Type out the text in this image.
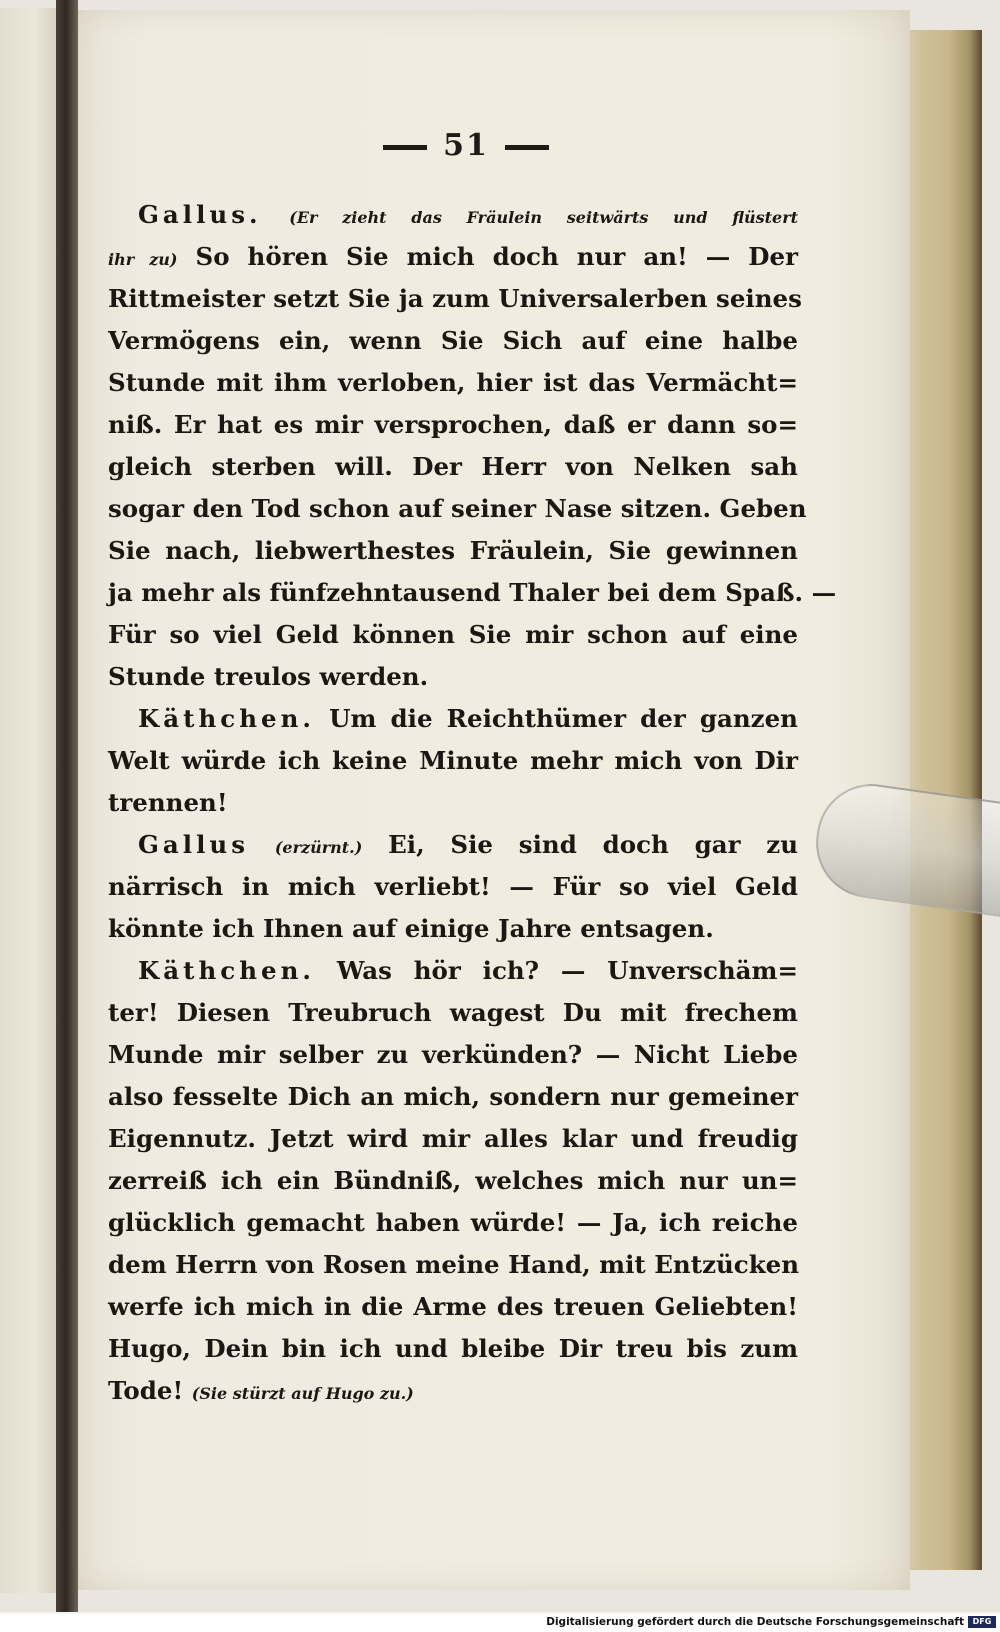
51
Gallus. (Er zieht das Fräulein seitwärts und flüstert
ihr zu) So hören Sie mich doch nur an! — Der
Rittmeister setzt Sie ja zum Universalerben seines
Vermögens ein, wenn Sie Sich auf eine halbe
Stunde mit ihm verloben, hier ist das Vermächt=
niß. Er hat es mir versprochen, daß er dann so=
gleich sterben will. Der Herr von Nelken sah
sogar den Tod schon auf seiner Nase sitzen. Geben
Sie nach, liebwerthestes Fräulein, Sie gewinnen
ja mehr als fünfzehntausend Thaler bei dem Spaß. —
Für so viel Geld können Sie mir schon auf eine
Stunde treulos werden.
Käthchen. Um die Reichthümer der ganzen
Welt würde ich keine Minute mehr mich von Dir
trennen!
Gallus (erzürnt.) Ei, Sie sind doch gar zu
närrisch in mich verliebt! — Für so viel Geld
könnte ich Ihnen auf einige Jahre entsagen.
Käthchen. Was hör ich? — Unverschäm=
ter! Diesen Treubruch wagest Du mit frechem
Munde mir selber zu verkünden? — Nicht Liebe
also fesselte Dich an mich, sondern nur gemeiner
Eigennutz. Jetzt wird mir alles klar und freudig
zerreiß ich ein Bündniß, welches mich nur un=
glücklich gemacht haben würde! — Ja, ich reiche
dem Herrn von Rosen meine Hand, mit Entzücken
werfe ich mich in die Arme des treuen Geliebten!
Hugo, Dein bin ich und bleibe Dir treu bis zum
Tode! (Sie stürzt auf Hugo zu.)
Digitalisierung gefördert durch die Deutsche Forschungsgemeinschaft	DFG
